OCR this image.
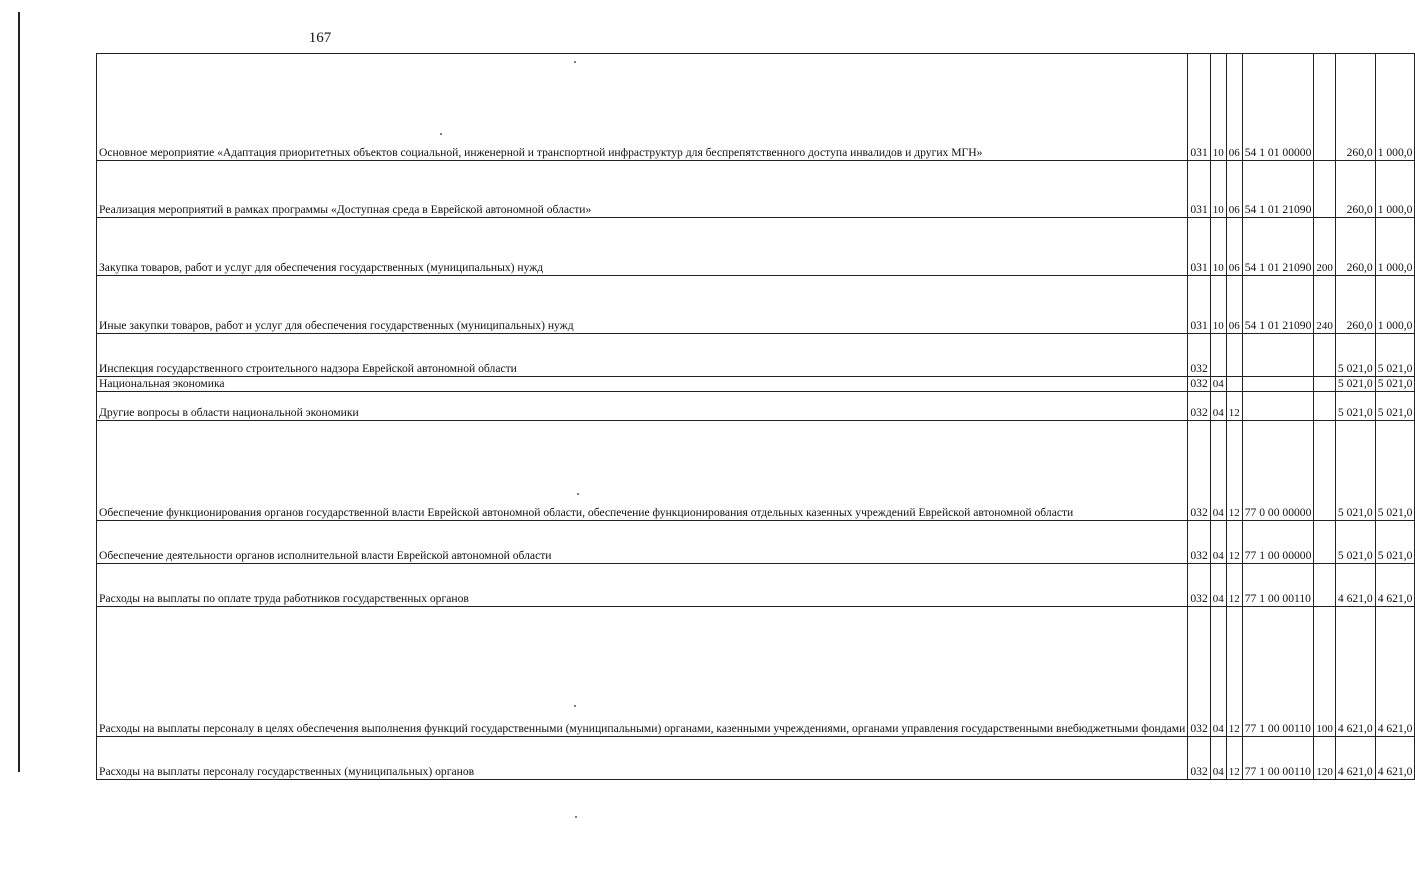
167
Основное мероприятие «Адаптация приоритетных объектов социальной, инженерной и транспортной инфраструктур для беспрепятственного доступа инвалидов и других МГН»	031	10	06	54 1 01 00000		260,0	1 000,0
Реализация мероприятий в рамках программы «Доступная среда в Еврейской автономной области»	031	10	06	54 1 01 21090		260,0	1 000,0
Закупка товаров, работ и услуг для обеспечения государственных (муниципальных) нужд	031	10	06	54 1 01 21090	200	260,0	1 000,0
Иные закупки товаров, работ и услуг для обеспечения государственных (муниципальных) нужд	031	10	06	54 1 01 21090	240	260,0	1 000,0
Инспекция государственного строительного надзора Еврейской автономной области	032					5 021,0	5 021,0
Национальная экономика	032	04				5 021,0	5 021,0
Другие вопросы в области национальной экономики	032	04	12			5 021,0	5 021,0
Обеспечение функционирования органов государственной власти Еврейской автономной области, обеспечение функционирования отдельных казенных учреждений Еврейской автономной области	032	04	12	77 0 00 00000		5 021,0	5 021,0
Обеспечение деятельности органов исполнительной власти Еврейской автономной области	032	04	12	77 1 00 00000		5 021,0	5 021,0
Расходы на выплаты по оплате труда работников государственных органов	032	04	12	77 1 00 00110		4 621,0	4 621,0
Расходы на выплаты персоналу в целях обеспечения выполнения функций государственными (муниципальными) органами, казенными учреждениями, органами управления государственными внебюджетными фондами	032	04	12	77 1 00 00110	100	4 621,0	4 621,0
Расходы на выплаты персоналу государственных (муниципальных) органов	032	04	12	77 1 00 00110	120	4 621,0	4 621,0
